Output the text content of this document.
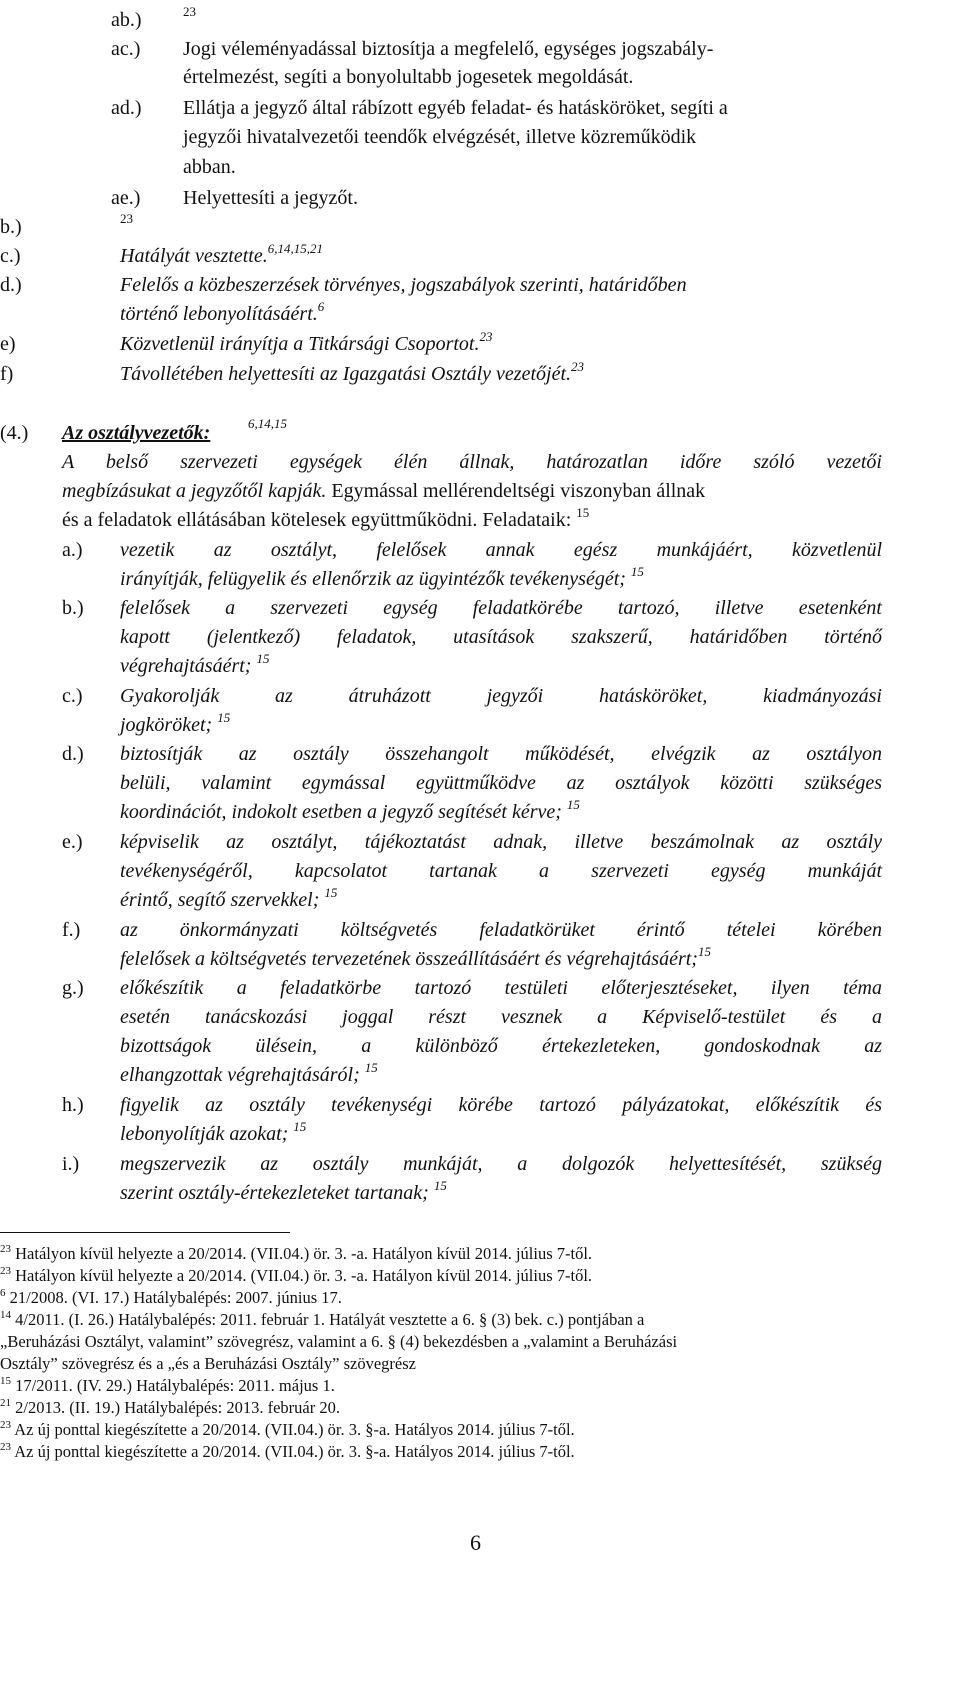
ab.)	23
ac.) Jogi véleményadással biztosítja a megfelelő, egységes jogszabály-
értelmezést, segíti a bonyolultabb jogesetek megoldását.
ad.) Ellátja a jegyző által rábízott egyéb feladat- és hatásköröket, segíti a
jegyzői hivatalvezetői teendők elvégzését, illetve közreműködik
abban.
ae.) Helyettesíti a jegyzőt.
b.)	23
c.)	Hatályát vesztette.$^{6,14,15,21}$
d.)	Felelős a közbeszerzések törvényes, jogszabályok szerinti, határidőben
történő lebonyolításáért.$^6$
e)	Közvetlenül irányítja a Titkársági Csoportot.$^{23}$
f)	Távollétében helyettesíti az Igazgatási Osztály vezetőjét.$^{23}$
(4.) Az osztályvezetők:	6,14,15
A belső szervezeti egységek élén állnak, határozatlan időre szóló vezetői
megbízásukat a jegyzőtől kapják. Egymással mellérendeltségi viszonyban állnak
és a feladatok ellátásában kötelesek együttműködni. Feladataik: $^{15}$
a.) vezetik az osztályt, felelősek annak egész munkájáért, közvetlenül
irányítják, felügyelik és ellenőrzik az ügyintézők tevékenységét; $^{15}$
b.) felelősek a szervezeti egység feladatkörébe tartozó, illetve esetenként
kapott (jelentkező) feladatok, utasítások szakszerű, határidőben történő
végrehajtásáért; $^{15}$
c.) Gyakorolják az átruházott jegyzői hatásköröket, kiadmányozási
jogköröket; $^{15}$
d.) biztosítják az osztály összehangolt működését, elvégzik az osztályon
belüli, valamint egymással együttműködve az osztályok közötti szükséges
koordinációt, indokolt esetben a jegyző segítését kérve; $^{15}$
e.) képviselik az osztályt, tájékoztatást adnak, illetve beszámolnak az osztály
tevékenységéről, kapcsolatot tartanak a szervezeti egység munkáját
érintő, segítő szervekkel; $^{15}$
f.) az önkormányzati költségvetés feladatkörüket érintő tételei körében
felelősek a költségvetés tervezetének összeállításáért és végrehajtásáért;$^{15}$
g.) előkészítik a feladatkörbe tartozó testületi előterjesztéseket, ilyen téma
esetén tanácskozási joggal részt vesznek a Képviselő-testület és a
bizottságok ülésein, a különböző értekezleteken, gondoskodnak az
elhangzottak végrehajtásáról; $^{15}$
h.) figyelik az osztály tevékenységi körébe tartozó pályázatokat, előkészítik és
lebonyolítják azokat; $^{15}$
i.) megszervezik az osztály munkáját, a dolgozók helyettesítését, szükség
szerint osztály-értekezleteket tartanak; $^{15}$
$^{23}$ Hatályon kívül helyezte a 20/2014. (VII.04.) ör. 3. -a. Hatályon kívül 2014. július 7-től.
$^{23}$ Hatályon kívül helyezte a 20/2014. (VII.04.) ör. 3. -a. Hatályon kívül 2014. július 7-től.
$^6$ 21/2008. (VI. 17.) Hatálybalépés: 2007. június 17.
$^{14}$ 4/2011. (I. 26.) Hatálybalépés: 2011. február 1. Hatályát vesztette a 6. § (3) bek. c.) pontjában a
„Beruházási Osztályt, valamint” szövegrész, valamint a 6. § (4) bekezdésben a „valamint a Beruházási
Osztály” szövegrész és a „és a Beruházási Osztály” szövegrész
$^{15}$ 17/2011. (IV. 29.) Hatálybalépés: 2011. május 1.
$^{21}$ 2/2013. (II. 19.) Hatálybalépés: 2013. február 20.
$^{23}$ Az új ponttal kiegészítette a 20/2014. (VII.04.) ör. 3. §-a. Hatályos 2014. július 7-től.
$^{23}$ Az új ponttal kiegészítette a 20/2014. (VII.04.) ör. 3. §-a. Hatályos 2014. július 7-től.
6
